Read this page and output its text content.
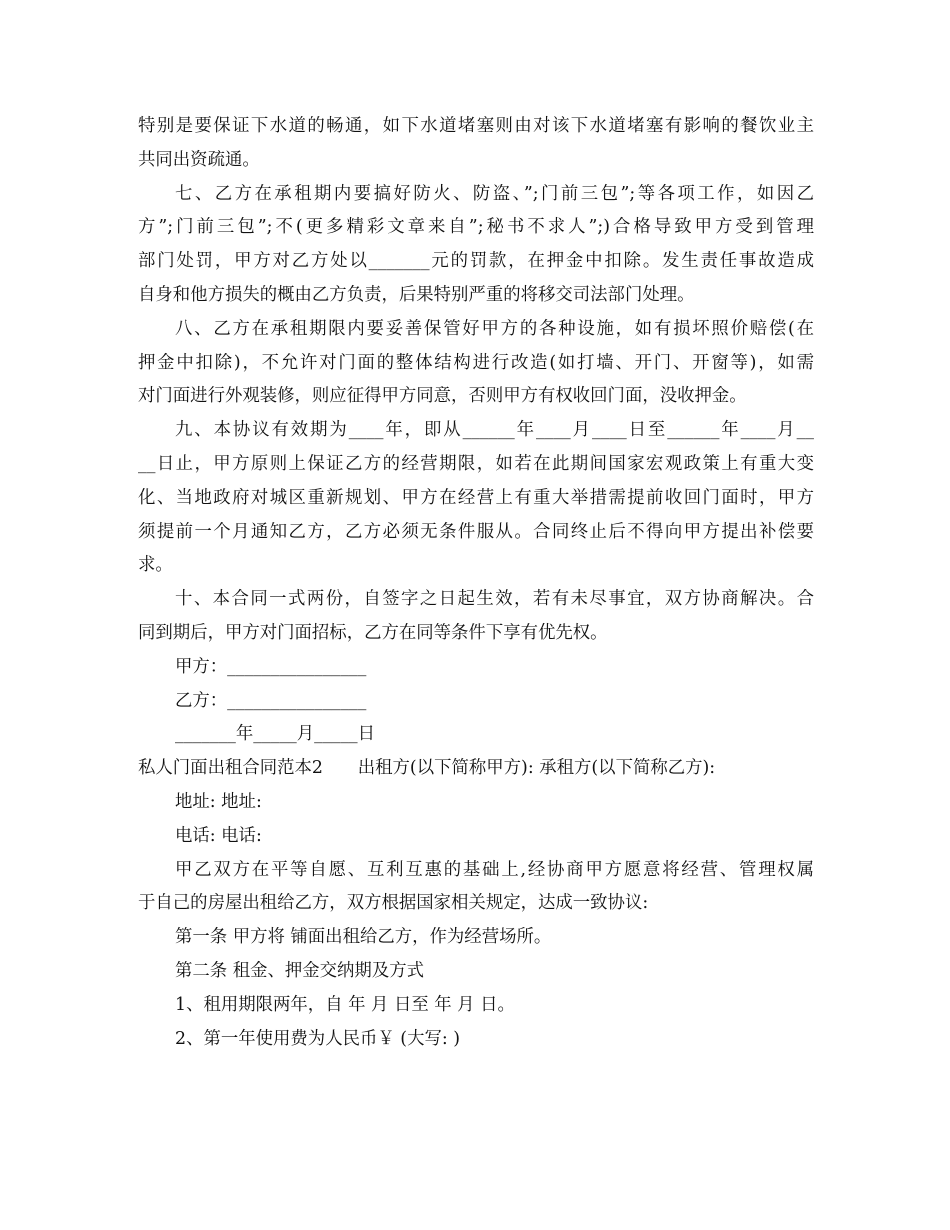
特别是要保证下水道的畅通，如下水道堵塞则由对该下水道堵塞有影响的餐饮业主
共同出资疏通。
七、乙方在承租期内要搞好防火、防盗、”;门前三包”;等各项工作，如因乙
方”;门前三包”;不(更多精彩文章来自”;秘书不求人”;)合格导致甲方受到管理
部门处罚，甲方对乙方处以_______元的罚款，在押金中扣除。发生责任事故造成
自身和他方损失的概由乙方负责，后果特别严重的将移交司法部门处理。
八、乙方在承租期限内要妥善保管好甲方的各种设施，如有损坏照价赔偿(在
押金中扣除)，不允许对门面的整体结构进行改造(如打墙、开门、开窗等)，如需
对门面进行外观装修，则应征得甲方同意，否则甲方有权收回门面，没收押金。
九、本协议有效期为____年，即从______年____月____日至______年____月__
__日止，甲方原则上保证乙方的经营期限，如若在此期间国家宏观政策上有重大变
化、当地政府对城区重新规划、甲方在经营上有重大举措需提前收回门面时，甲方
须提前一个月通知乙方，乙方必须无条件服从。合同终止后不得向甲方提出补偿要
求。
十、本合同一式两份，自签字之日起生效，若有未尽事宜，双方协商解决。合
同到期后，甲方对门面招标，乙方在同等条件下享有优先权。
甲方：________________
乙方：________________
_______年_____月_____日
私人门面出租合同范本2　　出租方(以下简称甲方): 承租方(以下简称乙方):
地址: 地址:
电话: 电话:
甲乙双方在平等自愿、互利互惠的基础上,经协商甲方愿意将经营、管理权属
于自己的房屋出租给乙方，双方根据国家相关规定，达成一致协议:
第一条 甲方将 铺面出租给乙方，作为经营场所。
第二条 租金、押金交纳期及方式
1、租用期限两年，自 年 月 日至 年 月 日。
2、第一年使用费为人民币￥ (大写: )
